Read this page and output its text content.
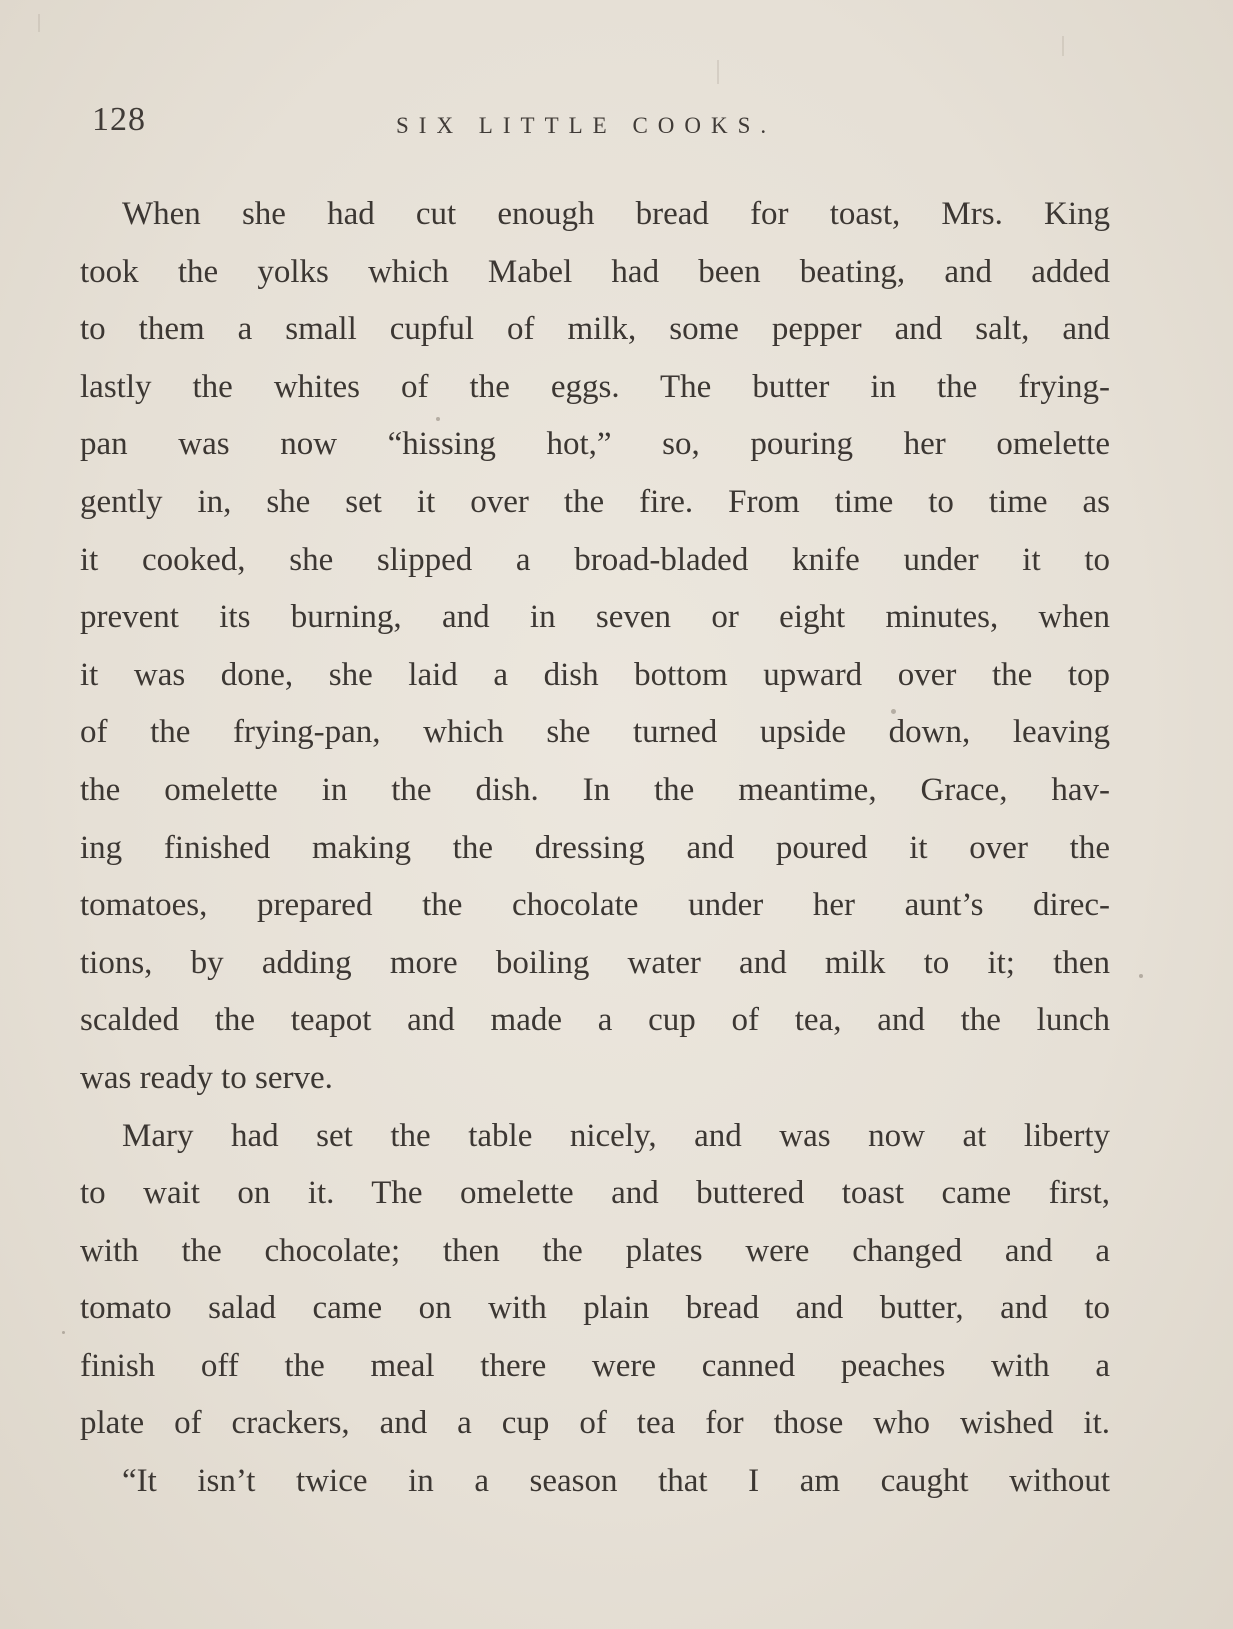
128	SIX LITTLE COOKS.
When she had cut enough bread for toast, Mrs. King
took the yolks which Mabel had been beating, and added
to them a small cupful of milk, some pepper and salt, and
lastly the whites of the eggs. The butter in the frying-
pan was now “hissing hot,” so, pouring her omelette
gently in, she set it over the fire. From time to time as
it cooked, she slipped a broad-bladed knife under it to
prevent its burning, and in seven or eight minutes, when
it was done, she laid a dish bottom upward over the top
of the frying-pan, which she turned upside down, leaving
the omelette in the dish. In the meantime, Grace, hav-
ing finished making the dressing and poured it over the
tomatoes, prepared the chocolate under her aunt’s direc-
tions, by adding more boiling water and milk to it; then
scalded the teapot and made a cup of tea, and the lunch
was ready to serve.
Mary had set the table nicely, and was now at liberty
to wait on it. The omelette and buttered toast came first,
with the chocolate; then the plates were changed and a
tomato salad came on with plain bread and butter, and to
finish off the meal there were canned peaches with a
plate of crackers, and a cup of tea for those who wished it.
“It isn’t twice in a season that I am caught without
